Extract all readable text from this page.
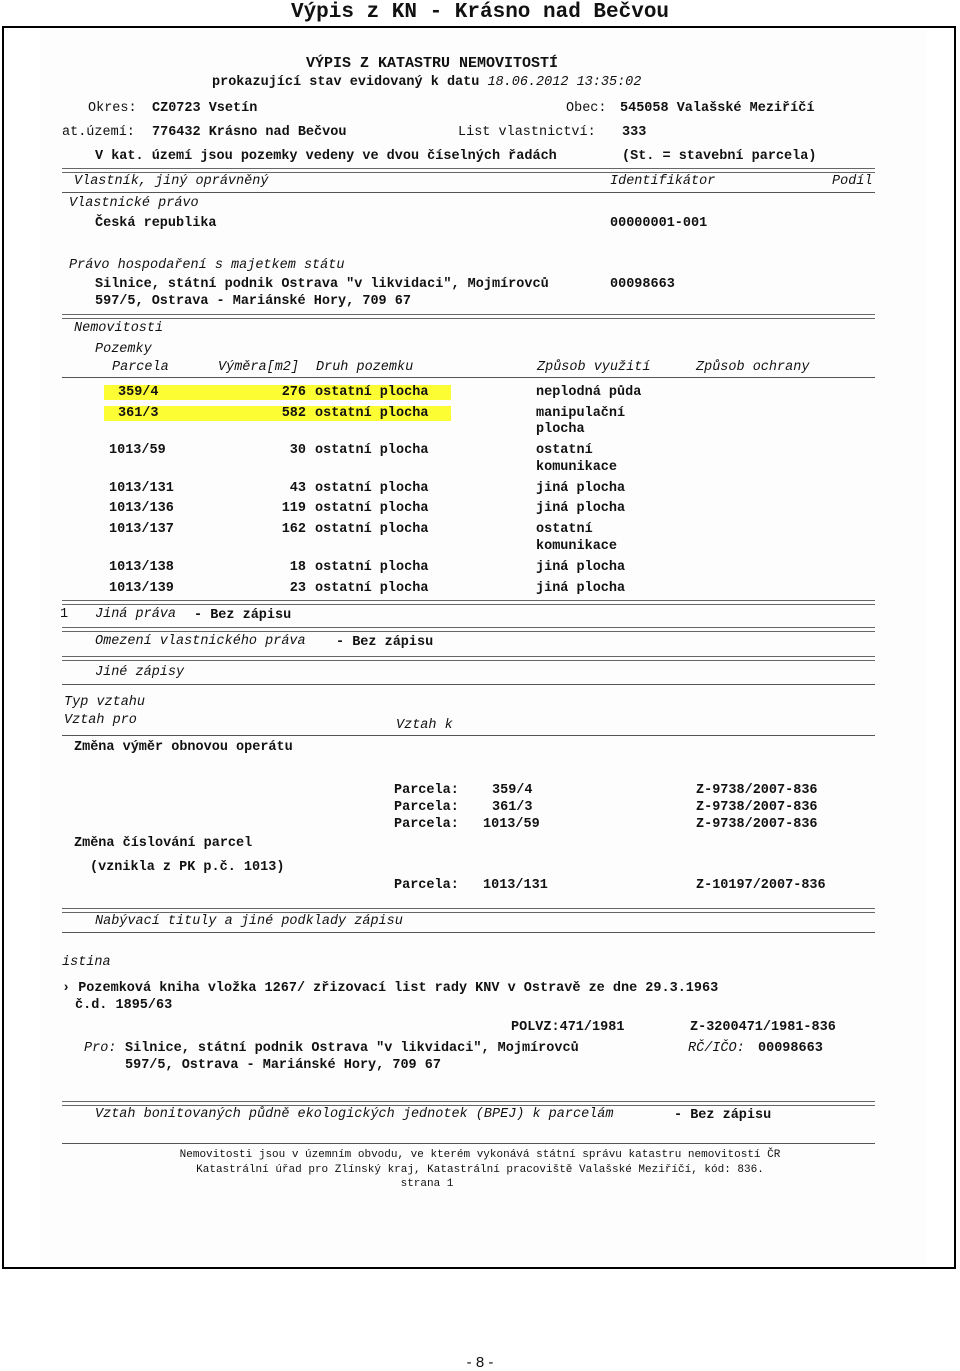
Výpis z KN - Krásno nad Bečvou
VÝPIS Z KATASTRU NEMOVITOSTÍ
prokazující stav evidovaný k datu 18.06.2012 13:35:02
Okres: CZ0723 Vsetín	Obec: 545058 Valašské Meziříčí
at.území: 776432 Krásno nad Bečvou	List vlastnictví: 333
V kat. území jsou pozemky vedeny ve dvou číselných řadách	(St. = stavební parcela)
Vlastník, jiný oprávněný	Identifikátor	Podíl
Vlastnické právo
Česká republika	00000001-001
Právo hospodaření s majetkem státu
Silnice, státní podnik Ostrava "v likvidaci", Mojmírovců
597/5, Ostrava - Mariánské Hory, 709 67
00098663
Nemovitosti
Pozemky
Parcela	Výměra[m2] Druh pozemku	Způsob využití	Způsob ochrany
359/4	276 ostatní plocha	neplodná půda
361/3	582 ostatní plocha	manipulační
plocha
1013/59	30 ostatní plocha	ostatní
komunikace
1013/131	43 ostatní plocha	jiná plocha
1013/136	119 ostatní plocha	jiná plocha
1013/137	162 ostatní plocha	ostatní
komunikace
1013/138	18 ostatní plocha	jiná plocha
1013/139	23 ostatní plocha	jiná plocha
1 Jiná práva - Bez zápisu
Omezení vlastnického práva - Bez zápisu
Jiné zápisy
Typ vztahu
Vztah pro	Vztah k
Změna výměr obnovou operátu
Parcela: 359/4	Z-9738/2007-836
Parcela: 361/3	Z-9738/2007-836
Parcela: 1013/59	Z-9738/2007-836
Změna číslování parcel
(vznikla z PK p.č. 1013)
Parcela: 1013/131	Z-10197/2007-836
Nabývací tituly a jiné podklady zápisu
istina
› Pozemková kniha vložka 1267/ zřizovací list rady KNV v Ostravě ze dne 29.3.1963
č.d. 1895/63
POLVZ:471/1981	Z-3200471/1981-836
Pro: Silnice, státní podnik Ostrava "v likvidaci", Mojmírovců
597/5, Ostrava - Mariánské Hory, 709 67
RČ/IČO: 00098663
Vztah bonitovaných půdně ekologických jednotek (BPEJ) k parcelám	- Bez zápisu
Nemovitosti jsou v územním obvodu, ve kterém vykonává státní správu katastru nemovitostí ČR
Katastrální úřad pro Zlínský kraj, Katastrální pracoviště Valašské Meziříčí, kód: 836.
strana 1
- 8 -
